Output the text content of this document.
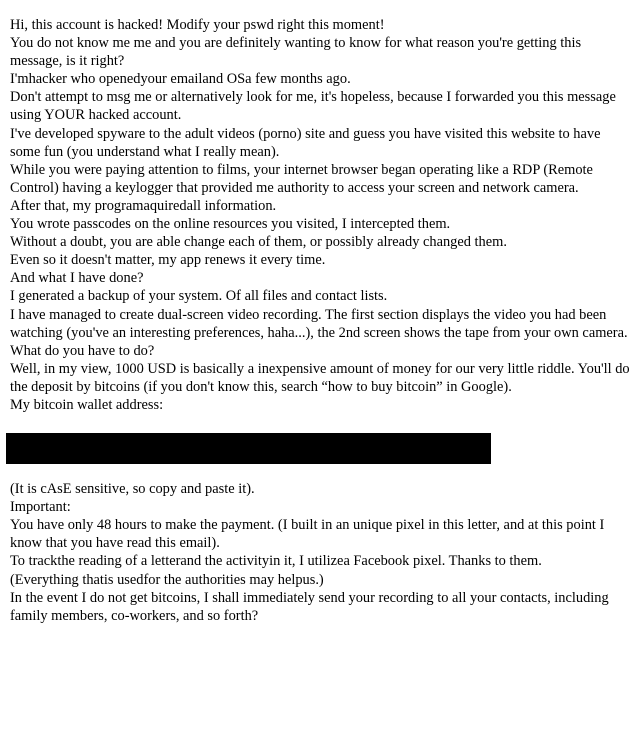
Hi, this account is hacked! Modify your pswd right this moment!

You do not know me me and you are definitely wanting to know for what reason you're getting this message, is it right?

I'mhacker who openedyour emailand OSa few months ago.

Don't attempt to msg me or alternatively look for me, it's hopeless, because I forwarded you this message using YOUR hacked account.

I've developed spyware to the adult videos (porno) site and guess you have visited this website to have some fun (you understand what I really mean).

While you were paying attention to films, your internet browser began operating like a RDP (Remote Control) having a keylogger that provided me authority to access your screen and network camera.

After that, my programaquiredall information.

You wrote passcodes on the online resources you visited, I intercepted them.

Without a doubt, you are able change each of them, or possibly already changed them.

Even so it doesn't matter, my app renews it every time.

And what I have done?

I generated a backup of your system. Of all files and contact lists.

I have managed to create dual-screen video recording. The first section displays the video you had been watching (you've an interesting preferences, haha...), the 2nd screen shows the tape from your own camera.

What do you have to do?

Well, in my view, 1000 USD is basically a inexpensive amount of money for our very little riddle. You'll do the deposit by bitcoins (if you don't know this, search “how to buy bitcoin” in Google).

My bitcoin wallet address:

(It is cAsE sensitive, so copy and paste it).

Important:

You have only 48 hours to make the payment. (I built in an unique pixel in this letter, and at this point I know that you have read this email).

To trackthe reading of a letterand the activityin it, I utilizea Facebook pixel. Thanks to them.

(Everything thatis usedfor the authorities may helpus.)

In the event I do not get bitcoins, I shall immediately send your recording to all your contacts, including family members, co-workers, and so forth?
